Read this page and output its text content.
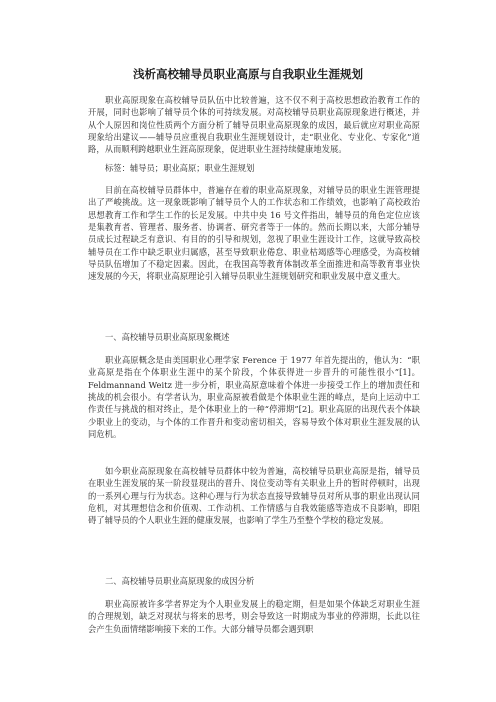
浅析高校辅导员职业高原与自我职业生涯规划

职业高原现象在高校辅导员队伍中比较普遍，这不仅不利于高校思想政治教育工作的开展，同时也影响了辅导员个体的可持续发展。对高校辅导员职业高原现象进行概述，并从个人原因和岗位性质两个方面分析了辅导员职业高原现象的成因，最后就应对职业高原现象给出建议——辅导员应重视自我职业生涯规划设计，走“职业化、专业化、专家化”道路，从而顺利跨越职业生涯高原现象，促进职业生涯持续健康地发展。

标签：辅导员；职业高原；职业生涯规划

目前在高校辅导员群体中，普遍存在着的职业高原现象，对辅导员的职业生涯管理提出了严峻挑战。这一现象既影响了辅导员个人的工作状态和工作绩效，也影响了高校政治思想教育工作和学生工作的长足发展。中共中央 16 号文件指出，辅导员的角色定位应该是集教育者、管理者、服务者、协调者、研究者等于一体的。然而长期以来，大部分辅导员成长过程缺乏有意识、有目的的引导和规划，忽视了职业生涯设计工作，这就导致高校辅导员在工作中缺乏职业归属感，甚至导致职业倦怠、职业枯竭感等心理感受，为高校辅导员队伍增加了不稳定因素。因此，在我国高等教育体制改革全面推进和高等教育事业快速发展的今天，将职业高原理论引入辅导员职业生涯规划研究和职业发展中意义重大。

一、高校辅导员职业高原现象概述

职业高原概念是由美国职业心理学家 Ference 于 1977 年首先提出的，他认为：“职业高原是指在个体职业生涯中的某个阶段，个体获得进一步晋升的可能性很小”[1]。Feldmannand Weitz 进一步分析，职业高原意味着个体进一步接受工作上的增加责任和挑战的机会很小。有学者认为，职业高原被看做是个体职业生涯的峰点，是向上运动中工作责任与挑战的相对终止，是个体职业上的一种“停滞期”[2]。职业高原的出现代表个体缺少职业上的变动，与个体的工作晋升和变动密切相关，容易导致个体对职业生涯发展的认同危机。

如今职业高原现象在高校辅导员群体中较为普遍，高校辅导员职业高原是指，辅导员在职业生涯发展的某一阶段显现出的晋升、岗位变动等有关职业上升的暂时停顿时，出现的一系列心理与行为状态。这种心理与行为状态直接导致辅导员对所从事的职业出现认同危机，对其理想信念和价值观、工作动机、工作情感与自我效能感等造成不良影响，即阻碍了辅导员的个人职业生涯的健康发展，也影响了学生乃至整个学校的稳定发展。

二、高校辅导员职业高原现象的成因分析

职业高原被许多学者界定为个人职业发展上的稳定期，但是如果个体缺乏对职业生涯的合理规划，缺乏对现状与将来的思考，则会导致这一时期成为事业的停滞期，长此以往会产生负面情绪影响接下来的工作。大部分辅导员都会遇到职
